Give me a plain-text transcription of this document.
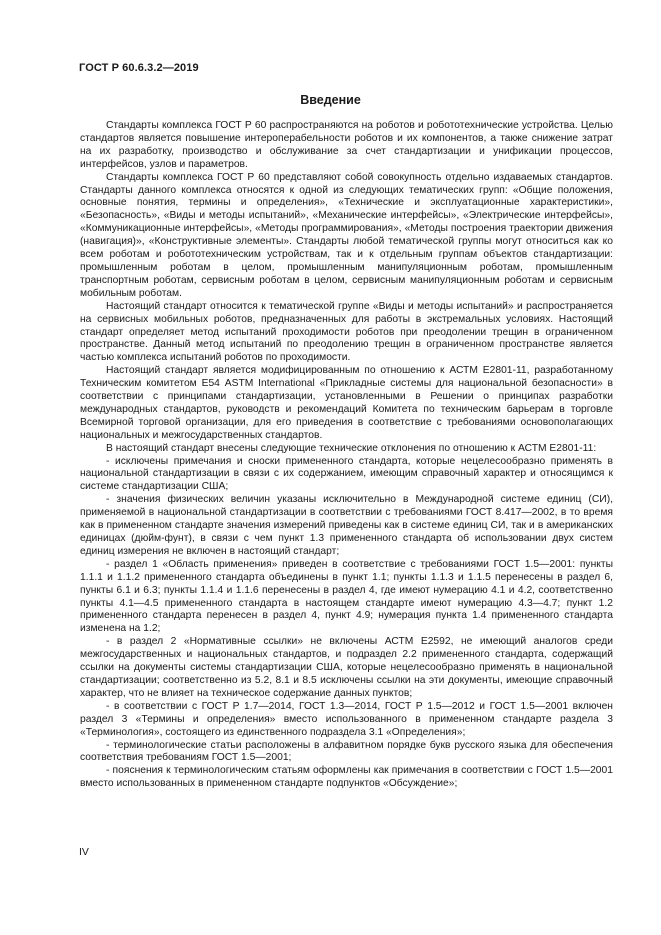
ГОСТ Р 60.6.3.2—2019
Введение

Стандарты комплекса ГОСТ Р 60 распространяются на роботов и робототехнические устройства. Целью стандартов является повышение интероперабельности роботов и их компонентов, а также снижение затрат на их разработку, производство и обслуживание за счет стандартизации и унификации процессов, интерфейсов, узлов и параметров.

Стандарты комплекса ГОСТ Р 60 представляют собой совокупность отдельно издаваемых стандартов. Стандарты данного комплекса относятся к одной из следующих тематических групп: «Общие положения, основные понятия, термины и определения», «Технические и эксплуатационные характеристики», «Безопасность», «Виды и методы испытаний», «Механические интерфейсы», «Электрические интерфейсы», «Коммуникационные интерфейсы», «Методы программирования», «Методы построения траектории движения (навигация)», «Конструктивные элементы». Стандарты любой тематической группы могут относиться как ко всем роботам и робототехническим устройствам, так и к отдельным группам объектов стандартизации: промышленным роботам в целом, промышленным манипуляционным роботам, промышленным транспортным роботам, сервисным роботам в целом, сервисным манипуляционным роботам и сервисным мобильным роботам.

Настоящий стандарт относится к тематической группе «Виды и методы испытаний» и распространяется на сервисных мобильных роботов, предназначенных для работы в экстремальных условиях. Настоящий стандарт определяет метод испытаний проходимости роботов при преодолении трещин в ограниченном пространстве. Данный метод испытаний по преодолению трещин в ограниченном пространстве является частью комплекса испытаний роботов по проходимости.

Настоящий стандарт является модифицированным по отношению к АСТМ Е2801-11, разработанному Техническим комитетом Е54 ASTM International «Прикладные системы для национальной безопасности» в соответствии с принципами стандартизации, установленными в Решении о принципах разработки международных стандартов, руководств и рекомендаций Комитета по техническим барьерам в торговле Всемирной торговой организации, для его приведения в соответствие с требованиями основополагающих национальных и межгосударственных стандартов.

В настоящий стандарт внесены следующие технические отклонения по отношению к АСТМ Е2801-11:

- исключены примечания и сноски примененного стандарта, которые нецелесообразно применять в национальной стандартизации в связи с их содержанием, имеющим справочный характер и относящимся к системе стандартизации США;

- значения физических величин указаны исключительно в Международной системе единиц (СИ), применяемой в национальной стандартизации в соответствии с требованиями ГОСТ 8.417—2002, в то время как в примененном стандарте значения измерений приведены как в системе единиц СИ, так и в американских единицах (дюйм-фунт), в связи с чем пункт 1.3 примененного стандарта об использовании двух систем единиц измерения не включен в настоящий стандарт;

- раздел 1 «Область применения» приведен в соответствие с требованиями ГОСТ 1.5—2001: пункты 1.1.1 и 1.1.2 примененного стандарта объединены в пункт 1.1; пункты 1.1.3 и 1.1.5 перенесены в раздел 6, пункты 6.1 и 6.3; пункты 1.1.4 и 1.1.6 перенесены в раздел 4, где имеют нумерацию 4.1 и 4.2, соответственно пункты 4.1—4.5 примененного стандарта в настоящем стандарте имеют нумерацию 4.3—4.7; пункт 1.2 примененного стандарта перенесен в раздел 4, пункт 4.9; нумерация пункта 1.4 примененного стандарта изменена на 1.2;

- в раздел 2 «Нормативные ссылки» не включены АСТМ Е2592, не имеющий аналогов среди межгосударственных и национальных стандартов, и подраздел 2.2 примененного стандарта, содержащий ссылки на документы системы стандартизации США, которые нецелесообразно применять в национальной стандартизации; соответственно из 5.2, 8.1 и 8.5 исключены ссылки на эти документы, имеющие справочный характер, что не влияет на техническое содержание данных пунктов;

- в соответствии с ГОСТ Р 1.7—2014, ГОСТ 1.3—2014, ГОСТ Р 1.5—2012 и ГОСТ 1.5—2001 включен раздел 3 «Термины и определения» вместо использованного в примененном стандарте раздела 3 «Терминология», состоящего из единственного подраздела 3.1 «Определения»;

- терминологические статьи расположены в алфавитном порядке букв русского языка для обеспечения соответствия требованиям ГОСТ 1.5—2001;

- пояснения к терминологическим статьям оформлены как примечания в соответствии с ГОСТ 1.5—2001 вместо использованных в примененном стандарте подпунктов «Обсуждение»;

IV
